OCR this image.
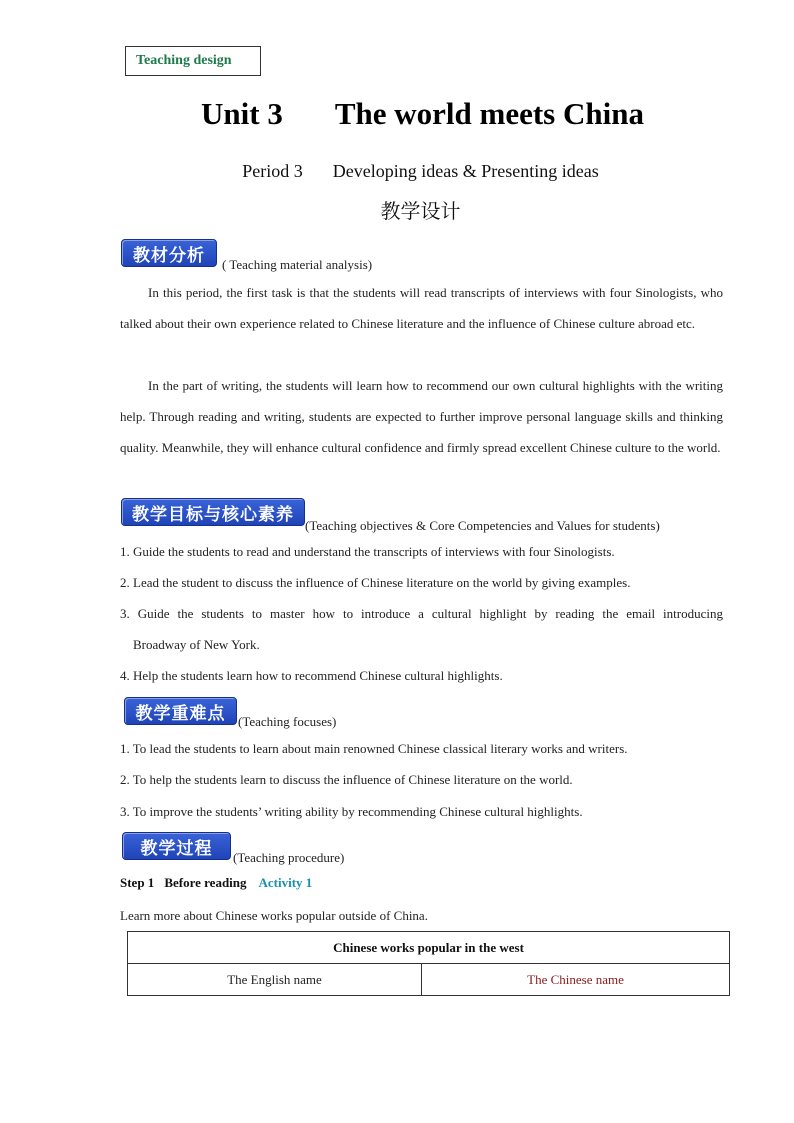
Teaching design
Unit 3 The world meets China
Period 3 Developing ideas & Presenting ideas
教学设计
教材分析	( Teaching material analysis)
In this period, the first task is that the students will read transcripts of interviews with four Sinologists, who talked about their own experience related to Chinese literature and the influence of Chinese culture abroad etc.
In the part of writing, the students will learn how to recommend our own cultural highlights with the writing help. Through reading and writing, students are expected to further improve personal language skills and thinking quality. Meanwhile, they will enhance cultural confidence and firmly spread excellent Chinese culture to the world.
教学目标与核心素养
(Teaching objectives & Core Competencies and Values for students)
1. Guide the students to read and understand the transcripts of interviews with four Sinologists.
2. Lead the student to discuss the influence of Chinese literature on the world by giving examples.
3. Guide the students to master how to introduce a cultural highlight by reading the email introducing
Broadway of New York.
4. Help the students learn how to recommend Chinese cultural highlights.
教学重难点 (Teaching focuses)
1. To lead the students to learn about main renowned Chinese classical literary works and writers.
2. To help the students learn to discuss the influence of Chinese literature on the world.
3. To improve the students’ writing ability by recommending Chinese cultural highlights.
教学过程	(Teaching procedure)
Step 1 Before reading Activity 1
Learn more about Chinese works popular outside of China.
Chinese works popular in the west
The English name	The Chinese name
